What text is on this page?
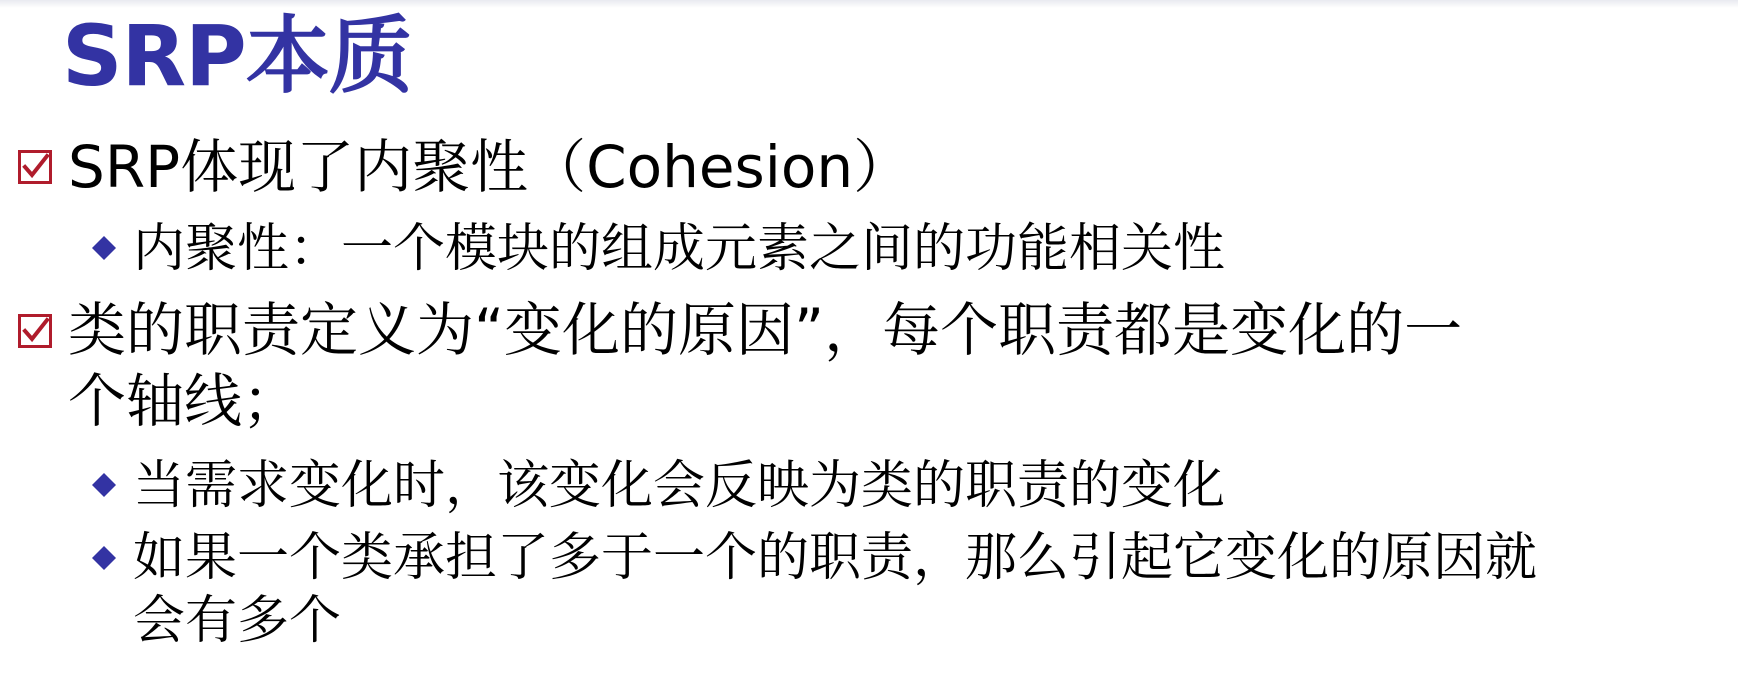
SRP本质
SRP体现了内聚性（Cohesion）
内聚性：一个模块的组成元素之间的功能相关性
类的职责定义为“变化的原因”，每个职责都是变化的一
个轴线；
当需求变化时，该变化会反映为类的职责的变化
如果一个类承担了多于一个的职责，那么引起它变化的原因就
会有多个
